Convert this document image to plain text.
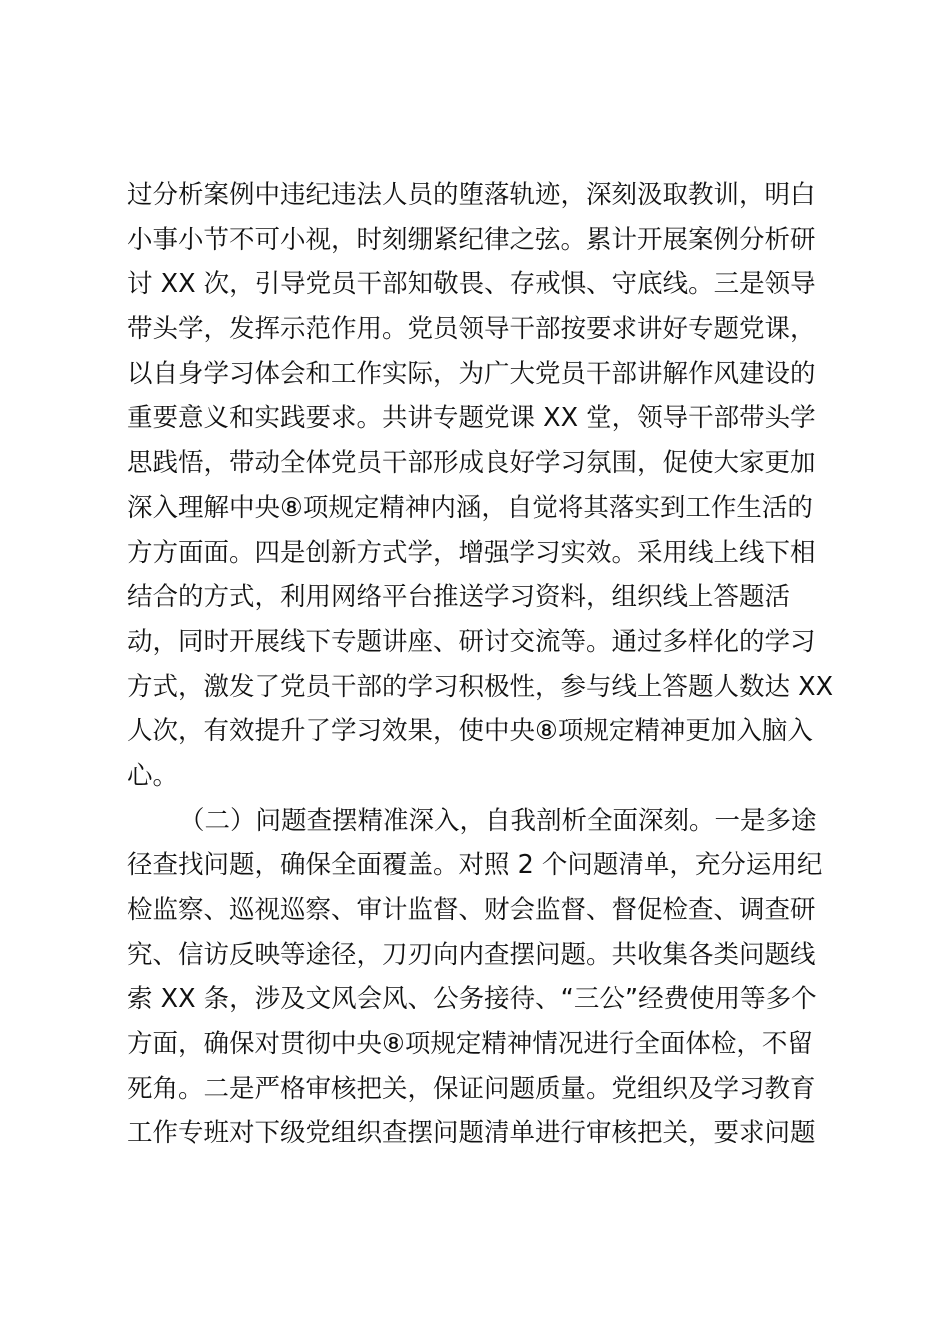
过分析案例中违纪违法人员的堕落轨迹，深刻汲取教训，明白
小事小节不可小视，时刻绷紧纪律之弦。累计开展案例分析研
讨 XX 次，引导党员干部知敬畏、存戒惧、守底线。三是领导
带头学，发挥示范作用。党员领导干部按要求讲好专题党课，
以自身学习体会和工作实际，为广大党员干部讲解作风建设的
重要意义和实践要求。共讲专题党课 XX 堂，领导干部带头学
思践悟，带动全体党员干部形成良好学习氛围，促使大家更加
深入理解中央⑧项规定精神内涵，自觉将其落实到工作生活的
方方面面。四是创新方式学，增强学习实效。采用线上线下相
结合的方式，利用网络平台推送学习资料，组织线上答题活
动，同时开展线下专题讲座、研讨交流等。通过多样化的学习
方式，激发了党员干部的学习积极性，参与线上答题人数达 XX
人次，有效提升了学习效果，使中央⑧项规定精神更加入脑入
心。
（二）问题查摆精准深入，自我剖析全面深刻。一是多途
径查找问题，确保全面覆盖。对照 2 个问题清单，充分运用纪
检监察、巡视巡察、审计监督、财会监督、督促检查、调查研
究、信访反映等途径，刀刃向内查摆问题。共收集各类问题线
索 XX 条，涉及文风会风、公务接待、“三公”经费使用等多个
方面，确保对贯彻中央⑧项规定精神情况进行全面体检，不留
死角。二是严格审核把关，保证问题质量。党组织及学习教育
工作专班对下级党组织查摆问题清单进行审核把关，要求问题
